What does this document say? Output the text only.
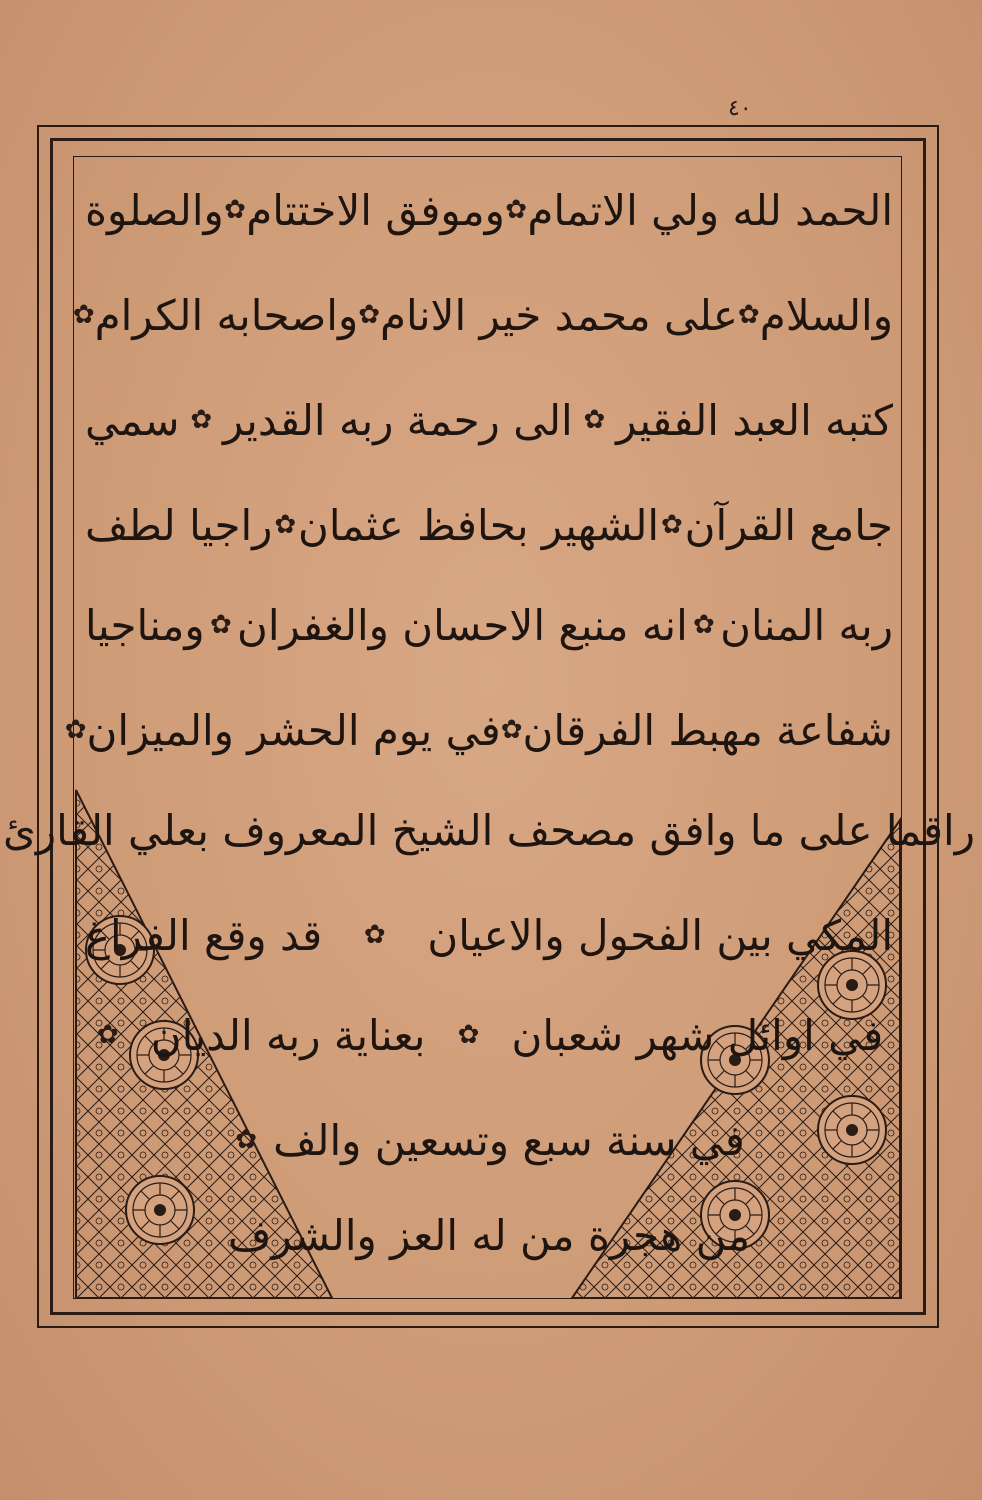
٤٠
الحمد لله ولي الاتمام
✿
وموفق الاختتام
✿
والصلوة
والسلام
✿
على محمد خير الانام
✿
واصحابه الكرام
✿
كتبه العبد الفقير
✿
الى رحمة ربه القدير
✿
سمي
جامع القرآن
✿
الشهير بحافظ عثمان
✿
راجيا لطف
ربه المنان
✿
انه منبع الاحسان والغفران
✿
ومناجيا
شفاعة مهبط الفرقان
✿
في يوم الحشر والميزان
✿
راقما على ما وافق مصحف الشيخ المعروف بعلي القارئ
المكي بين الفحول والاعيان
✿
قد وقع الفراغ
في اوائل شهر شعبان
✿
بعناية ربه الديان
✿
في سنة سبع وتسعين والف
✿
من هجرة من له العز والشرف
